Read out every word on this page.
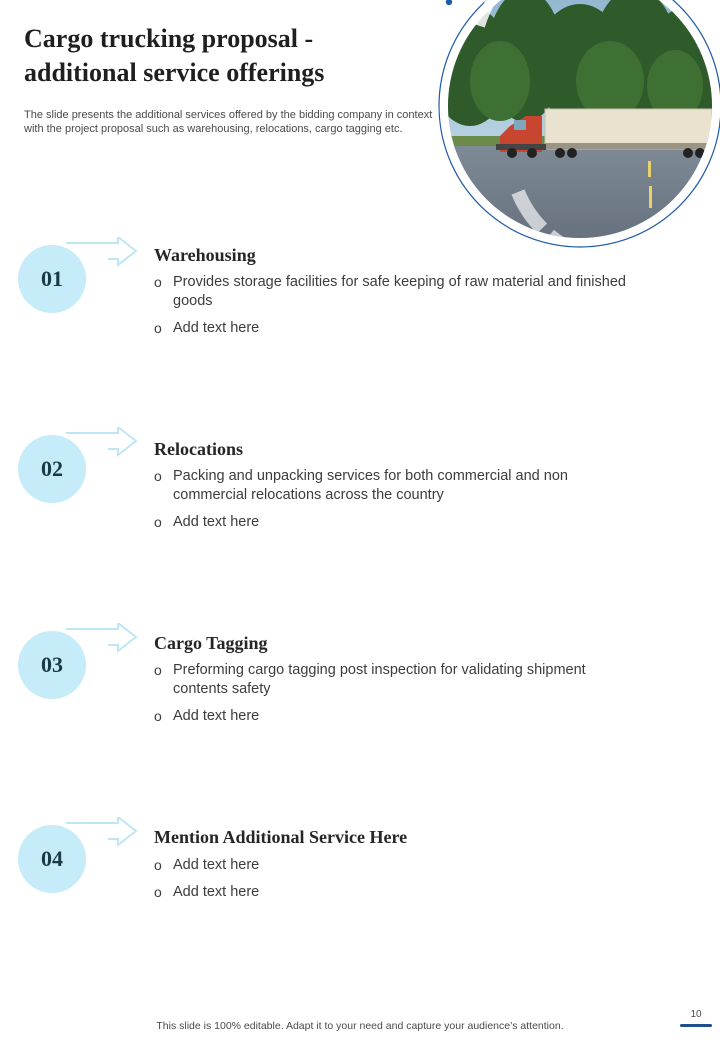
Cargo trucking proposal - additional service offerings
The slide presents the additional services offered by the bidding company in context with the project proposal such as warehousing, relocations, cargo tagging etc.
01
Warehousing
o Provides storage facilities for safe keeping of raw material and finished goods
o Add text here
02
Relocations
o Packing and unpacking services for both commercial and non commercial relocations across the country
o Add text here
03
Cargo Tagging
o Preforming cargo tagging post inspection for validating shipment contents safety
o Add text here
04
Mention Additional Service Here
o Add text here
o Add text here
This slide is 100% editable. Adapt it to your need and capture your audience’s attention.
10
